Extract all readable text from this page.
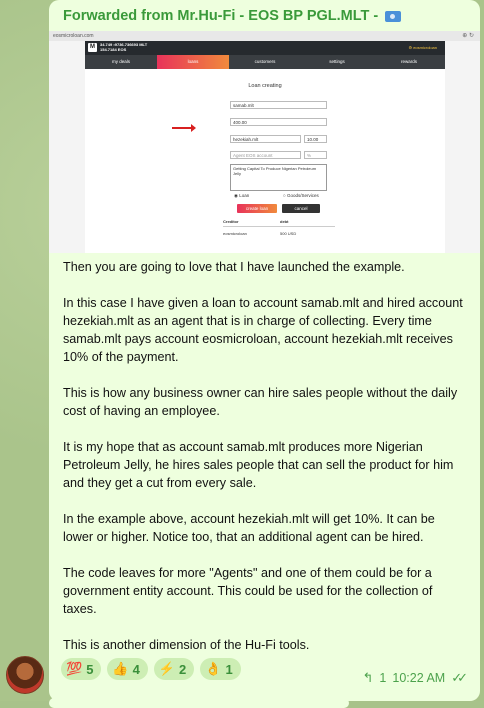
Forwarded from Mr.Hu-Fi - EOS BP PGL.MLT -
eosmicroloan.com	⊕ ↻
M	34.749 •9736.736693 MLT
154.7184 EOS	⚙ eosmicroloan
my deals	loans	customers	settings	rewards
Loan creating
samab.mlt
400.00
hezekiah.mlt	10.00
Agent EOS account	%
Getting Capital To Produce Nigerian Petroleum Jelly
◉ Loan	○ Goods/Services
create loan	cancel
Creditor	debt
eosmicroloan	500 USD

Then you are going to love that I have launched the example.

In this case I have given a loan to account samab.mlt and hired account hezekiah.mlt as an agent that is in charge of collecting. Every time samab.mlt pays account eosmicroloan, account hezekiah.mlt receives 10% of the payment.

This is how any business owner can hire sales people without the daily cost of having an employee.

It is my hope that as account samab.mlt produces more Nigerian Petroleum Jelly, he hires sales people that can sell the product for him and they get a cut from every sale.

In the example above, account hezekiah.mlt will get 10%. It can be lower or higher. Notice too, that an additional agent can be hired.

The code leaves for more "Agents" and one of them could be for a government entity account. This could be used for the collection of taxes.

This is another dimension of the Hu-Fi tools.

💯 5 👍 4 ⚡ 2 👌 1
↰ 1 10:22 AM ✓✓
